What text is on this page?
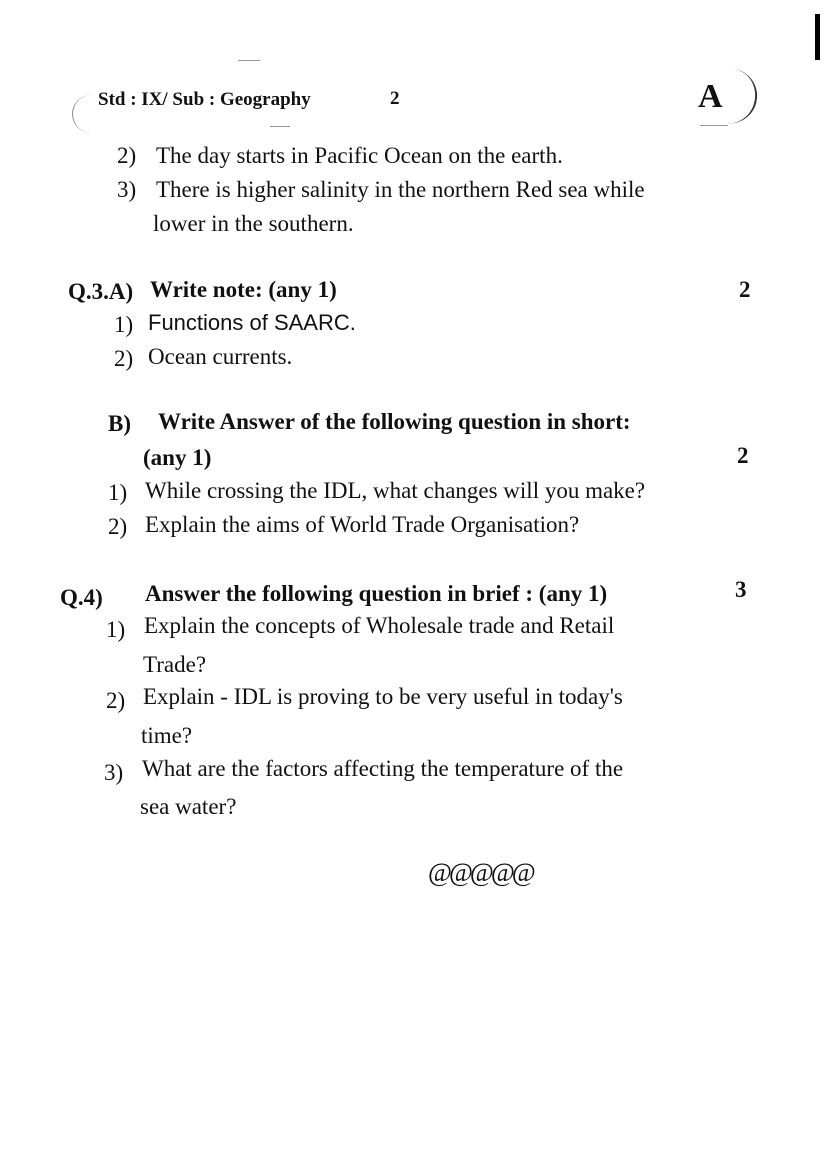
Std : IX/ Sub : Geography	2	A
2) The day starts in Pacific Ocean on the earth.
3) There is higher salinity in the northern Red sea while
lower in the southern.
Q.3.A) Write note: (any 1)	2
1) Functions of SAARC.
2) Ocean currents.
B) Write Answer of the following question in short:
(any 1)	2
1) While crossing the IDL, what changes will you make?
2) Explain the aims of World Trade Organisation?
Q.4) Answer the following question in brief : (any 1)	3
1) Explain the concepts of Wholesale trade and Retail
Trade?
2) Explain - IDL is proving to be very useful in today's
time?
3) What are the factors affecting the temperature of the
sea water?
@@@@@
